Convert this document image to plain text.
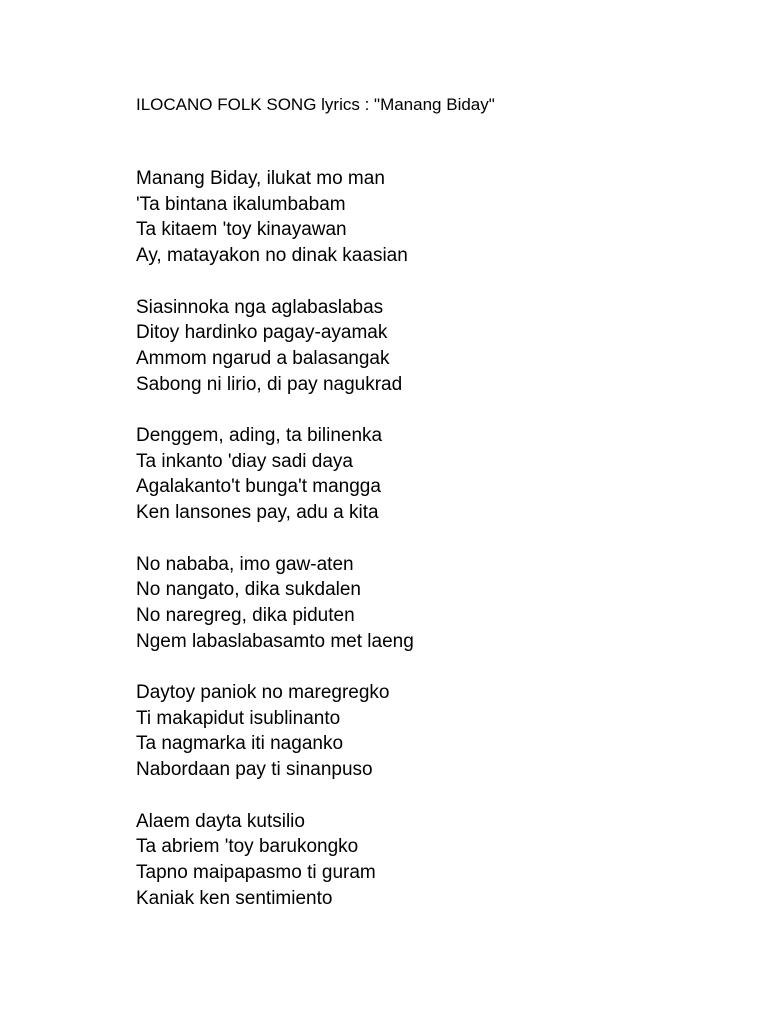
ILOCANO FOLK SONG lyrics : "Manang Biday"
Manang Biday, ilukat mo man
'Ta bintana ikalumbabam
Ta kitaem 'toy kinayawan
Ay, matayakon no dinak kaasian
Siasinnoka nga aglabaslabas
Ditoy hardinko pagay-ayamak
Ammom ngarud a balasangak
Sabong ni lirio, di pay nagukrad
Denggem, ading, ta bilinenka
Ta inkanto 'diay sadi daya
Agalakanto't bunga't mangga
Ken lansones pay, adu a kita
No nababa, imo gaw-aten
No nangato, dika sukdalen
No naregreg, dika piduten
Ngem labaslabasamto met laeng
Daytoy paniok no maregregko
Ti makapidut isublinanto
Ta nagmarka iti naganko
Nabordaan pay ti sinanpuso
Alaem dayta kutsilio
Ta abriem 'toy barukongko
Tapno maipapasmo ti guram
Kaniak ken sentimiento
